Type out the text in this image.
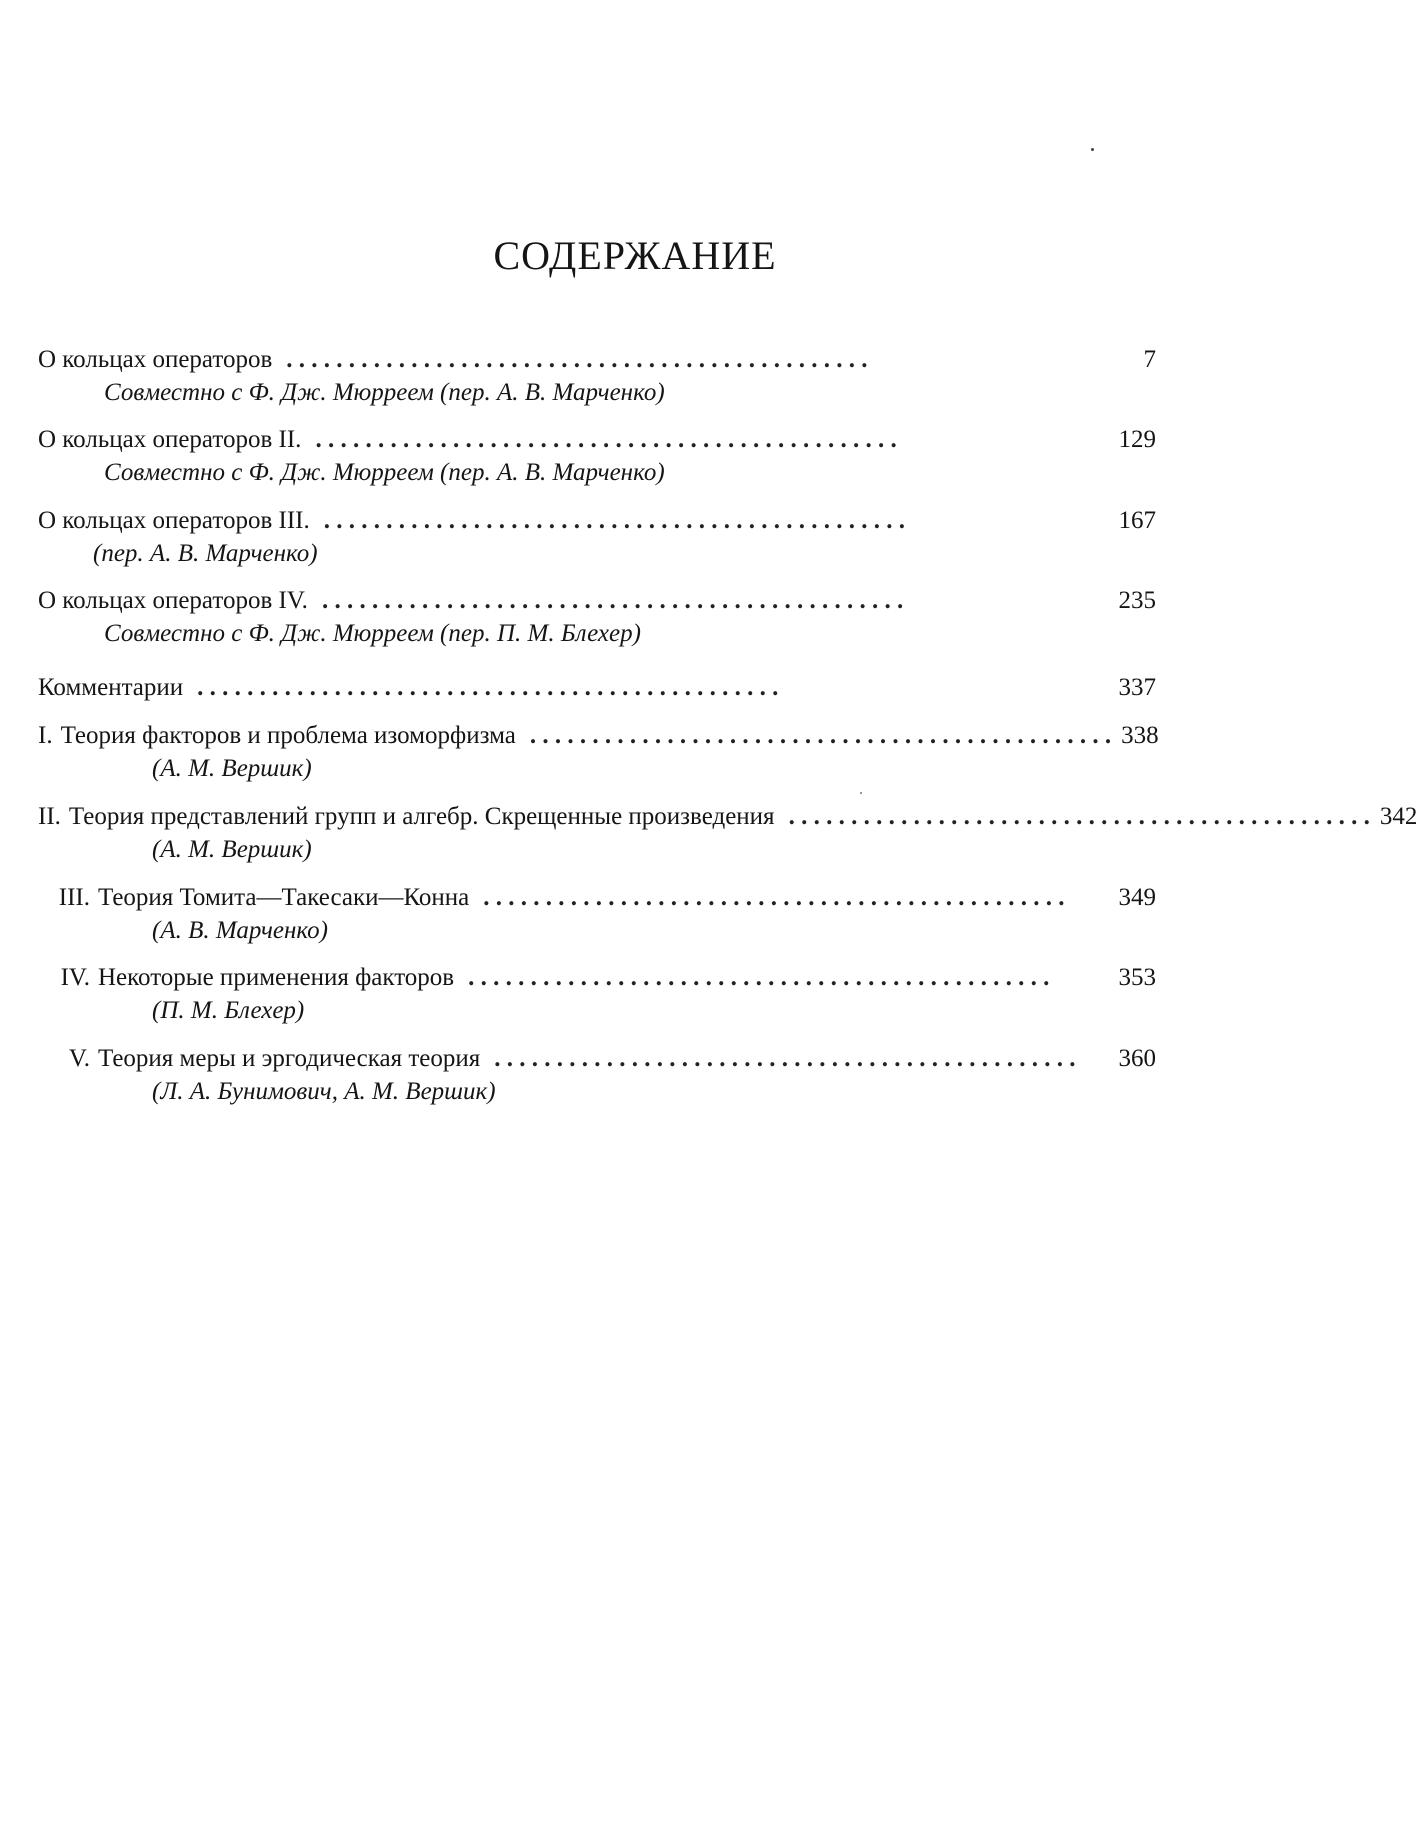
СОДЕРЖАНИЕ
О кольцах операторов . . . . . . . . . . . . . . . . . . . . . . . . . . . . . . . . . . . . . . . . . . . . . . .	7
Совместно с Ф. Дж. Мюрреем (пер. А. В. Марченко)
О кольцах операторов II. . . . . . . . . . . . . . . . . . . . . . . . . . . . . . . . . . . . . . . . . . . . . . . .	129
Совместно с Ф. Дж. Мюрреем (пер. А. В. Марченко)
О кольцах операторов III. . . . . . . . . . . . . . . . . . . . . . . . . . . . . . . . . . . . . . . . . . . . . . . .	167
(пер. А. В. Марченко)
О кольцах операторов IV. . . . . . . . . . . . . . . . . . . . . . . . . . . . . . . . . . . . . . . . . . . . . . . .	235
Совместно с Ф. Дж. Мюрреем (пер. П. М. Блехер)
Комментарии . . . . . . . . . . . . . . . . . . . . . . . . . . . . . . . . . . . . . . . . . . . . . . .	337
I. Теория факторов и проблема изоморфизма . . . . . . . . . . . . . . . . . . . . . . . . . . . . . . . . . . . . . . . . . . . . . . . 338
(А. М. Вершик)
II. Теория представлений групп и алгебр. Скрещенные произведения . . . . . . . . . . . . . . . . . . . . . . . . . . . . . . . . . . . . . . . . . . . . . . . 342
(А. М. Вершик)
III. Теория Томита—Такесаки—Конна . . . . . . . . . . . . . . . . . . . . . . . . . . . . . . . . . . . . . . . . . . . . . . .	349
(А. В. Марченко)
IV. Некоторые применения факторов . . . . . . . . . . . . . . . . . . . . . . . . . . . . . . . . . . . . . . . . . . . . . . .	353
(П. М. Блехер)
V. Теория меры и эргодическая теория . . . . . . . . . . . . . . . . . . . . . . . . . . . . . . . . . . . . . . . . . . . . . . .	360
(Л. А. Бунимович, А. М. Вершик)
